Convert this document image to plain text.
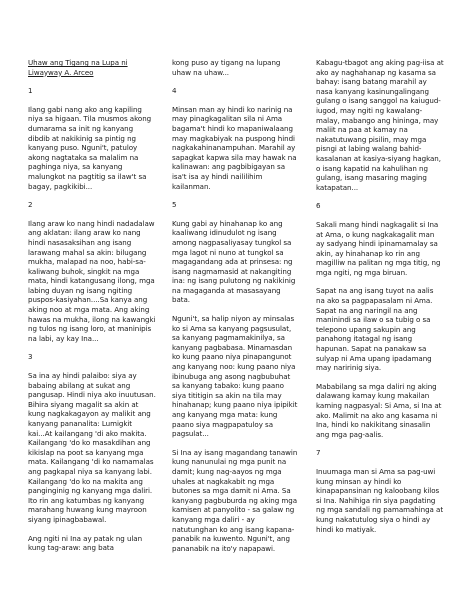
Uhaw ang Tigang na Lupa ni
Liwayway A. Arceo
1
Ilang gabi nang ako ang kapiling niya sa higaan. Tila musmos akong dumarama sa init ng kanyang dibdib at nakikinig sa pintig ng kanyang puso. Nguni't, patuloy akong nagtataka sa malalim na paghinga niya, sa kanyang malungkot na pagtitig sa ilaw't sa bagay, pagkikibi...
2
Ilang araw ko nang hindi nadadalaw ang aklatan: ilang araw ko nang hindi nasasaksihan ang isang larawang mahal sa akin: bilugang mukha, malapad na noo, habi-sa-kaliwang buhok, singkit na mga mata, hindi katangusang ilong, mga labing duyan ng isang ngiting puspos-kasiyahan....Sa kanya ang aking noo at mga mata. Ang aking hawas na mukha, ilong na kawangki ng tulos ng isang loro, at maninipis na labi, ay kay Ina...
3
Sa ina ay hindi palaibo: siya ay babaing abilang at sukat ang pangusap. Hindi niya ako inuutusan. Bihira siyang magalit sa akin at kung nagkakagayon ay malikit ang kanyang pananalita: Lumigkit kai...At kailangang 'di ako makita. Kailangang 'do ko masakdihan ang kikislap na poot sa kanyang mga mata. Kailangang 'di ko namamalas ang pagkapal niya sa kanyang labi. Kailangang 'do ko na makita ang panginginig ng kanyang mga daliri. Ito rin ang katumbas ng kanyang marahang huwang kung mayroon siyang ipinagbabawal.
Ang ngiti ni Ina ay patak ng ulan kung tag-araw: ang bata
kong puso ay tigang na lupang uhaw na uhaw...
4
Minsan man ay hindi ko narinig na may pinagkagalitan sila ni Ama bagama't hindi ko mapaniwalaang may magkabiyak na puspong hindi nagkakahinanampuhan. Marahil ay sapagkat kapwa sila may hawak na kalinawan: ang pagbibigayan sa isa't isa ay hindi naililihim kailanman.
5
Kung gabi ay hinahanap ko ang kaaliwang idinudulot ng isang among nagpasaliyasay tungkol sa mga lagot ni nuno at tungkol sa magagandang ada at prinsesa: ng isang nagmamasid at nakangiting ina: ng isang pulutong ng nakikinig na magaganda at masasayang bata.
Nguni't, sa halip niyon ay minsalas ko si Ama sa kanyang pagsusulat, sa kanyang pagmamakinilya, sa kanyang pagbabasa. Minamasdan ko kung paano niya pinapangunot ang kanyang noo: kung paano niya ibinubuga ang asong nagbubuhat sa kanyang tabako: kung paano siya tititigin sa akin na tila may hinahanap; kung paano niya ipipikit ang kanyang mga mata: kung paano siya magpapatuloy sa pagsulat...
Si Ina ay isang magandang tanawin kung nanunulai ng mga punit na damit; kung nag-aayos ng mga uhales at nagkakabit ng mga butones sa mga damit ni Ama. Sa kanyang pagbuburda ng aking mga kamisen at panyolito - sa galaw ng kanyang mga daliri - ay natutunghan ko ang isang kapana-panabik na kuwento. Nguni't, ang pananabik na ito'y napapawi.
Kabagu-tbagot ang aking pag-iisa at ako ay naghahanap ng kasama sa bahay: isang batang marahil ay nasa kanyang kasinungalingang gulang o isang sanggol na kaiugud-iugod, may ngiti ng kawalang-malay, mabango ang hininga, may maliit na paa at kamay na nakatutuwang pisilin, may mga pisngi at labing walang bahid-kasalanan at kasiya-siyang hagkan, o isang kapatid na kahulihan ng gulang, isang masaring maging katapatan...
6
Sakali mang hindi nagkagalit si Ina at Ama, o kung nagkakagalit man ay sadyang hindi ipinamamalay sa akin, ay hinahanap ko rin ang magilliw na palitan ng mga titig, ng mga ngiti, ng mga biruan.
Sapat na ang isang tuyot na aalis na ako sa pagpapasalam ni Ama. Sapat na ang naringil na ang maninindi sa ilaw o sa tubig o sa telepono upang sakupin ang panahong itatagal ng isang hapunan. Sapat na panakaw sa sulyap ni Ama upang ipadamang may naririnig siya.
Mababilang sa mga daliri ng aking dalawang kamay kung makailan kaming nagpasyal: Si Ama, si Ina at ako. Malimit na ako ang kasama ni Ina, hindi ko nakikitang sinasalin ang mga pag-aalis.
7
Inuumaga man si Ama sa pag-uwi kung minsan ay hindi ko kinapapansinan ng kaloobang kilos si Ina. Nahihiga rin siya pagdating ng mga sandali ng pamamahinga at kung nakatutulog siya o hindi ay hindi ko matiyak.
